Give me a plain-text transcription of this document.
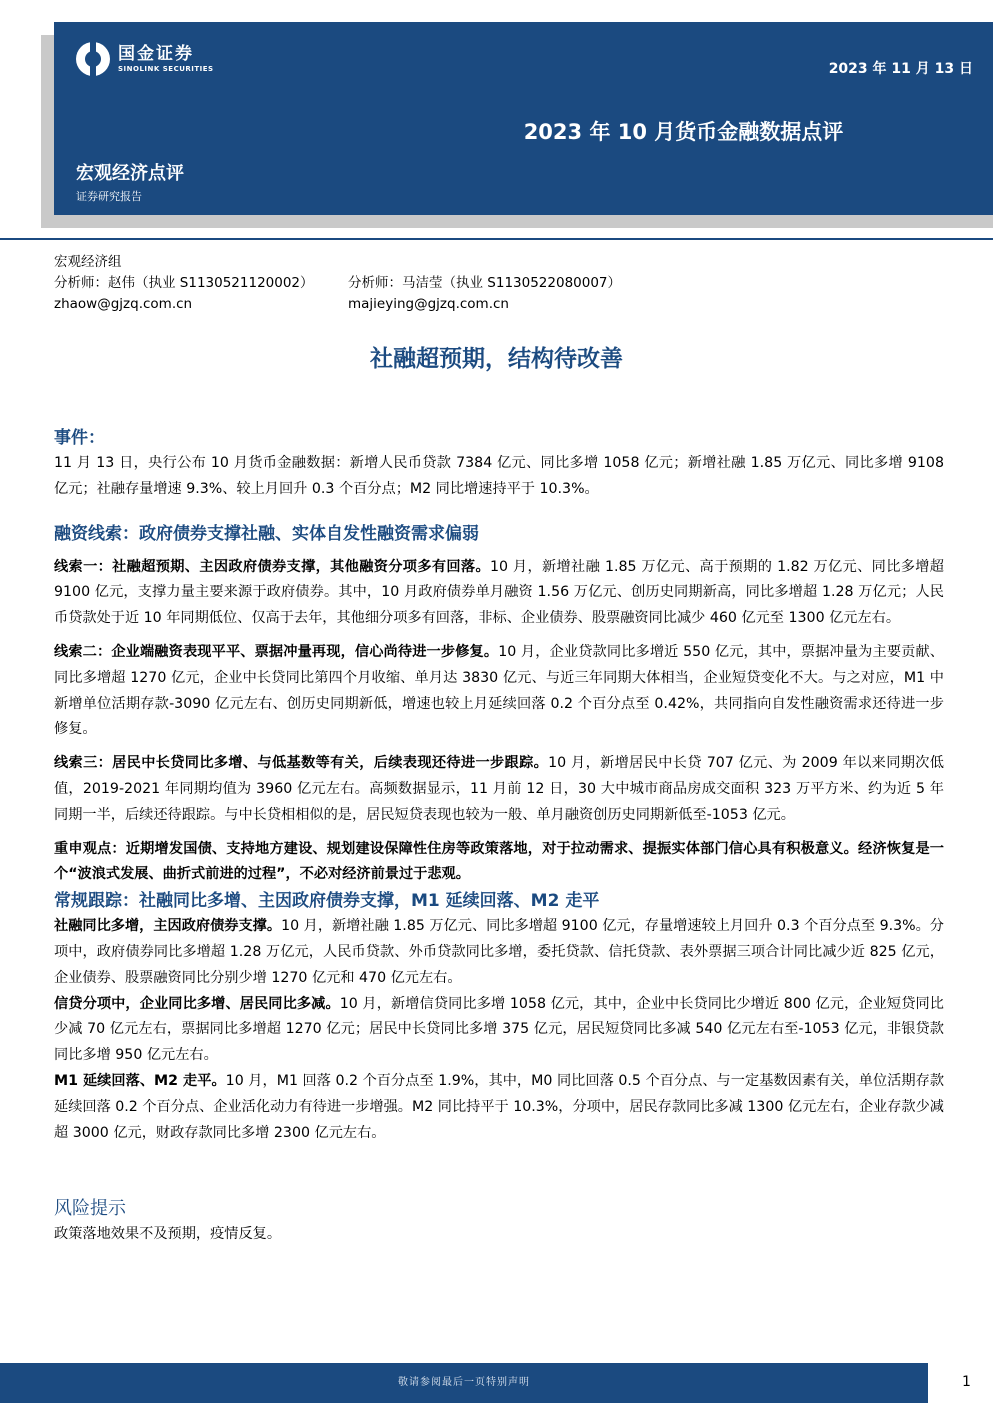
国金证券
SINOLINK SECURITIES	2023 年 11 月 13 日
2023 年 10 月货币金融数据点评
宏观经济点评
证券研究报告
宏观经济组
分析师：赵伟（执业 S1130521120002）	分析师：马洁莹（执业 S1130522080007）
zhaow@gjzq.com.cn	majieying@gjzq.com.cn
社融超预期，结构待改善
事件：

11 月 13 日，央行公布 10 月货币金融数据：新增人民币贷款 7384 亿元、同比多增 1058 亿元；新增社融 1.85 万亿元、同比多增 9108 亿元；社融存量增速 9.3%、较上月回升 0.3 个百分点；M2 同比增速持平于 10.3%。

融资线索：政府债券支撑社融、实体自发性融资需求偏弱

线索一：社融超预期、主因政府债券支撑，其他融资分项多有回落。10 月，新增社融 1.85 万亿元、高于预期的 1.82 万亿元、同比多增超 9100 亿元，支撑力量主要来源于政府债券。其中，10 月政府债券单月融资 1.56 万亿元、创历史同期新高，同比多增超 1.28 万亿元；人民币贷款处于近 10 年同期低位、仅高于去年，其他细分项多有回落，非标、企业债券、股票融资同比减少 460 亿元至 1300 亿元左右。

线索二：企业端融资表现平平、票据冲量再现，信心尚待进一步修复。10 月，企业贷款同比多增近 550 亿元，其中，票据冲量为主要贡献、同比多增超 1270 亿元，企业中长贷同比第四个月收缩、单月达 3830 亿元、与近三年同期大体相当，企业短贷变化不大。与之对应，M1 中新增单位活期存款-3090 亿元左右、创历史同期新低，增速也较上月延续回落 0.2 个百分点至 0.42%，共同指向自发性融资需求还待进一步修复。

线索三：居民中长贷同比多增、与低基数等有关，后续表现还待进一步跟踪。10 月，新增居民中长贷 707 亿元、为 2009 年以来同期次低值，2019-2021 年同期均值为 3960 亿元左右。高频数据显示，11 月前 12 日，30 大中城市商品房成交面积 323 万平方米、约为近 5 年同期一半，后续还待跟踪。与中长贷相相似的是，居民短贷表现也较为一般、单月融资创历史同期新低至-1053 亿元。

重申观点：近期增发国债、支持地方建设、规划建设保障性住房等政策落地，对于拉动需求、提振实体部门信心具有积极意义。经济恢复是一个“波浪式发展、曲折式前进的过程”，不必对经济前景过于悲观。

常规跟踪：社融同比多增、主因政府债券支撑，M1 延续回落、M2 走平

社融同比多增，主因政府债券支撑。10 月，新增社融 1.85 万亿元、同比多增超 9100 亿元，存量增速较上月回升 0.3 个百分点至 9.3%。分项中，政府债券同比多增超 1.28 万亿元，人民币贷款、外币贷款同比多增，委托贷款、信托贷款、表外票据三项合计同比减少近 825 亿元，企业债券、股票融资同比分别少增 1270 亿元和 470 亿元左右。

信贷分项中，企业同比多增、居民同比多减。10 月，新增信贷同比多增 1058 亿元，其中，企业中长贷同比少增近 800 亿元，企业短贷同比少减 70 亿元左右，票据同比多增超 1270 亿元；居民中长贷同比多增 375 亿元，居民短贷同比多减 540 亿元左右至-1053 亿元，非银贷款同比多增 950 亿元左右。

M1 延续回落、M2 走平。10 月，M1 回落 0.2 个百分点至 1.9%，其中，M0 同比回落 0.5 个百分点、与一定基数因素有关，单位活期存款延续回落 0.2 个百分点、企业活化动力有待进一步增强。M2 同比持平于 10.3%，分项中，居民存款同比多减 1300 亿元左右，企业存款少减超 3000 亿元，财政存款同比多增 2300 亿元左右。

风险提示

政策落地效果不及预期，疫情反复。

敬请参阅最后一页特别声明	1
